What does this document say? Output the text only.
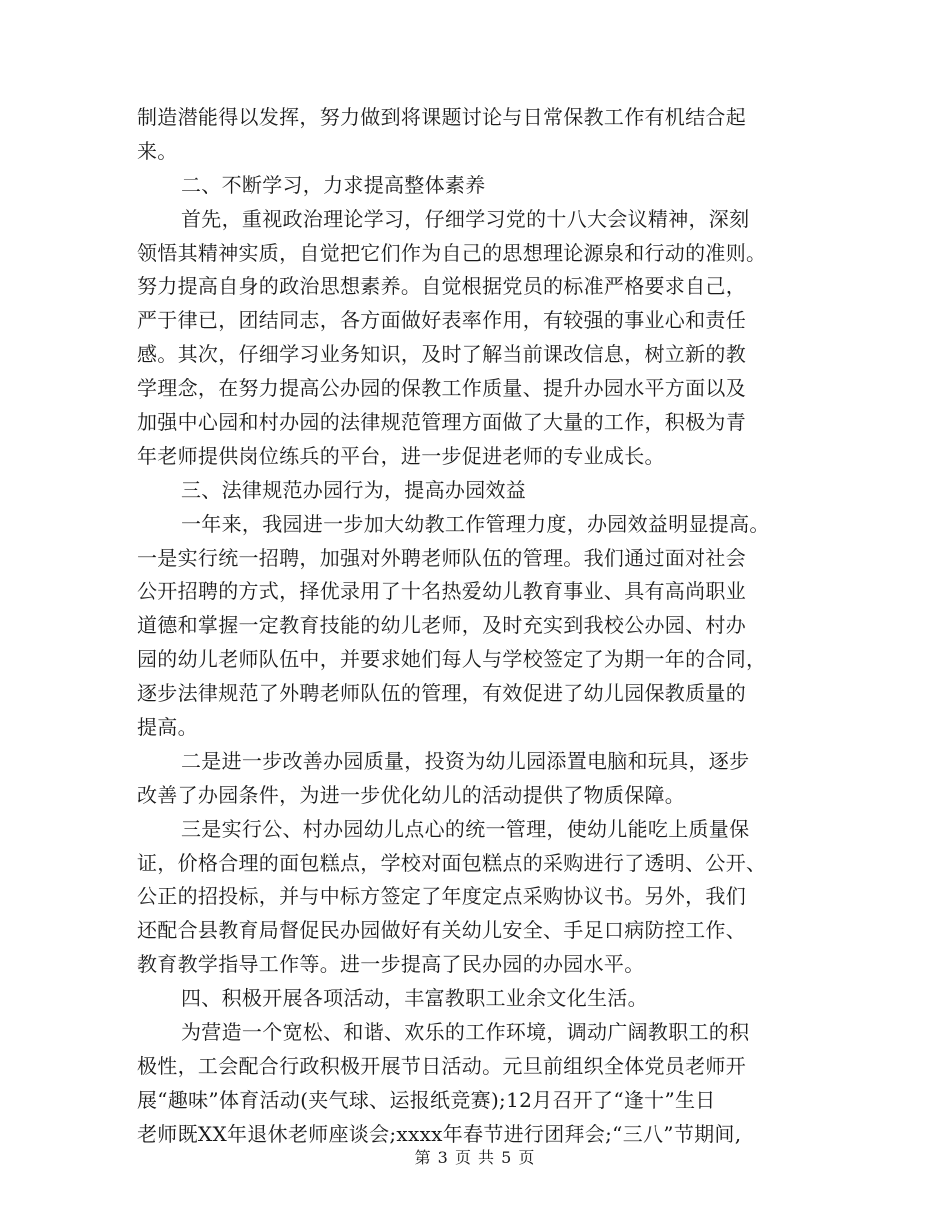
制造潜能得以发挥，努力做到将课题讨论与日常保教工作有机结合起
来。
二、不断学习，力求提高整体素养
首先，重视政治理论学习，仔细学习党的十八大会议精神，深刻
领悟其精神实质，自觉把它们作为自己的思想理论源泉和行动的准则。
努力提高自身的政治思想素养。自觉根据党员的标准严格要求自己，
严于律已，团结同志，各方面做好表率作用，有较强的事业心和责任
感。其次，仔细学习业务知识，及时了解当前课改信息，树立新的教
学理念，在努力提高公办园的保教工作质量、提升办园水平方面以及
加强中心园和村办园的法律规范管理方面做了大量的工作，积极为青
年老师提供岗位练兵的平台，进一步促进老师的专业成长。
三、法律规范办园行为，提高办园效益
一年来，我园进一步加大幼教工作管理力度，办园效益明显提高。
一是实行统一招聘，加强对外聘老师队伍的管理。我们通过面对社会
公开招聘的方式，择优录用了十名热爱幼儿教育事业、具有高尚职业
道德和掌握一定教育技能的幼儿老师，及时充实到我校公办园、村办
园的幼儿老师队伍中，并要求她们每人与学校签定了为期一年的合同，
逐步法律规范了外聘老师队伍的管理，有效促进了幼儿园保教质量的
提高。
二是进一步改善办园质量，投资为幼儿园添置电脑和玩具，逐步
改善了办园条件，为进一步优化幼儿的活动提供了物质保障。
三是实行公、村办园幼儿点心的统一管理，使幼儿能吃上质量保
证，价格合理的面包糕点，学校对面包糕点的采购进行了透明、公开、
公正的招投标，并与中标方签定了年度定点采购协议书。另外，我们
还配合县教育局督促民办园做好有关幼儿安全、手足口病防控工作、
教育教学指导工作等。进一步提高了民办园的办园水平。
四、积极开展各项活动，丰富教职工业余文化生活。
为营造一个宽松、和谐、欢乐的工作环境，调动广阔教职工的积
极性，工会配合行政积极开展节日活动。元旦前组织全体党员老师开
展“趣味”体育活动(夹气球、运报纸竞赛);12月召开了“逢十”生日
老师既XX年退休老师座谈会;xxxx年春节进行团拜会;“三八”节期间,
第 3 页 共 5 页
